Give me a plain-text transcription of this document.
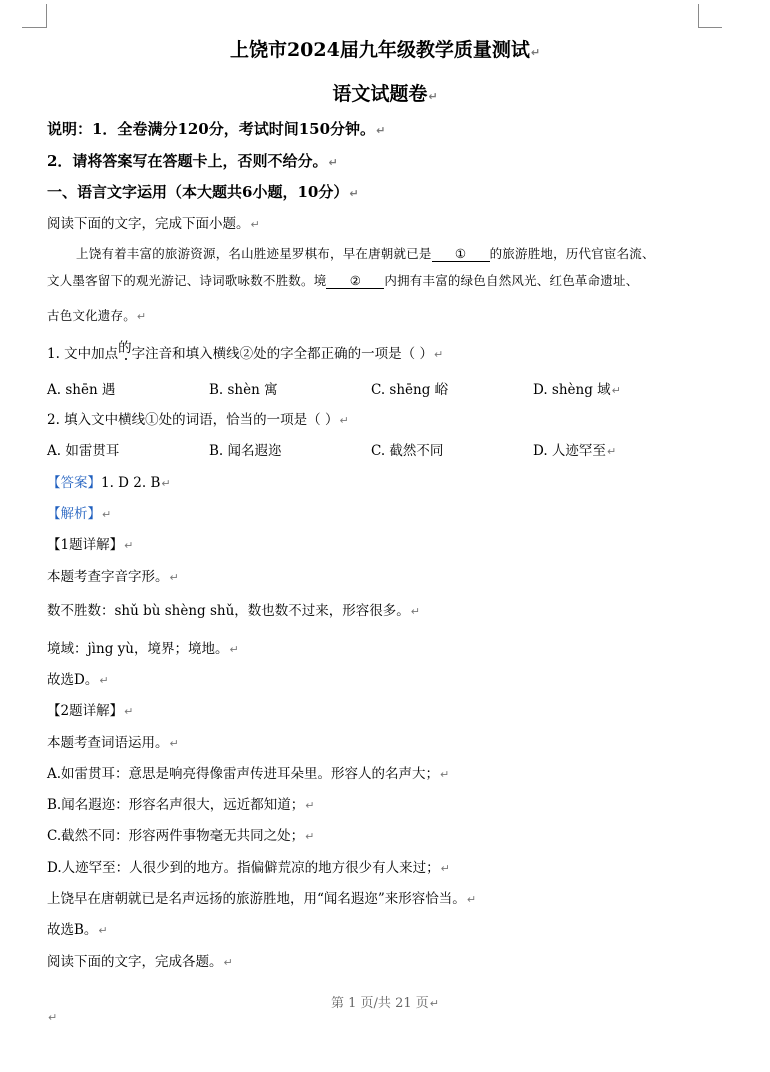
上饶市2024届九年级教学质量测试↵
语文试题卷↵
说明：1．全卷满分120分，考试时间150分钟。↵
2．请将答案写在答题卡上，否则不给分。↵
一、语言文字运用（本大题共6小题，10分）↵
阅读下面的文字，完成下面小题。↵
上饶有着丰富的旅游资源，名山胜迹星罗棋布，早在唐朝就已是 ① 的旅游胜地，历代官宦名流、
文人墨客留下的观光游记、诗词歌咏数不胜数。境 ② 内拥有丰富的绿色自然风光、红色革命遗址、
古色文化遗存。↵
1. 文中加点的字注音和填入横线②处的字全都正确的一项是（ ）↵
A. shēn 遇	B. shèn 寓	C. shēng 峪	D. shèng 域↵
2. 填入文中横线①处的词语，恰当的一项是（ ）↵
A. 如雷贯耳	B. 闻名遐迩	C. 截然不同	D. 人迹罕至↵
【答案】1. D 2. B↵
【解析】↵
【1题详解】↵
本题考查字音字形。↵
数不胜数：shǔ bù shèng shǔ，数也数不过来，形容很多。↵
境域：jìng yù，境界；境地。↵
故选D。↵
【2题详解】↵
本题考查词语运用。↵
A.如雷贯耳：意思是响亮得像雷声传进耳朵里。形容人的名声大；↵
B.闻名遐迩：形容名声很大，远近都知道；↵
C.截然不同：形容两件事物毫无共同之处；↵
D.人迹罕至：人很少到的地方。指偏僻荒凉的地方很少有人来过；↵
上饶早在唐朝就已是名声远扬的旅游胜地，用“闻名遐迩”来形容恰当。↵
故选B。↵
阅读下面的文字，完成各题。↵
第 1 页/共 21 页↵
↵
